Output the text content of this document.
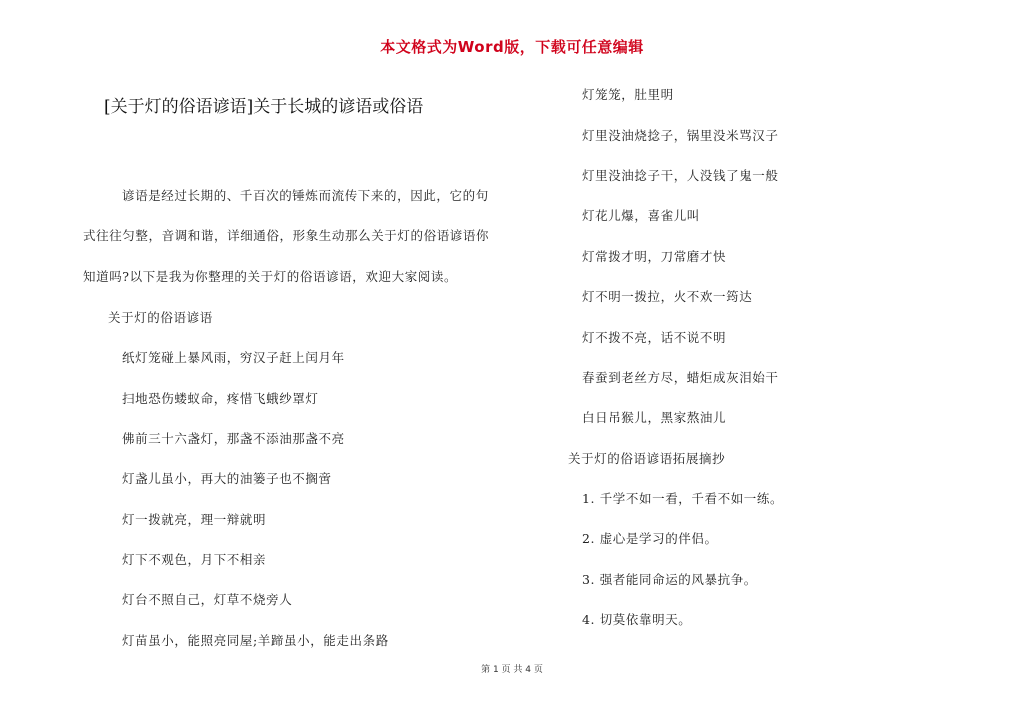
本文格式为Word版，下载可任意编辑
[关于灯的俗语谚语]关于长城的谚语或俗语
谚语是经过长期的、千百次的锤炼而流传下来的，因此，它的句
式往往匀整，音调和谐，详细通俗，形象生动那么关于灯的俗语谚语你
知道吗?以下是我为你整理的关于灯的俗语谚语，欢迎大家阅读。
关于灯的俗语谚语
纸灯笼碰上暴风雨，穷汉子赶上闰月年
扫地恐伤蝼蚁命，疼惜飞蛾纱罩灯
佛前三十六盏灯，那盏不添油那盏不亮
灯盏儿虽小，再大的油篓子也不搁啻
灯一拨就亮，理一辩就明
灯下不观色，月下不相亲
灯台不照自己，灯草不烧旁人
灯苗虽小，能照亮同屋;羊蹄虽小，能走出条路
灯笼笼，肚里明
灯里没油烧捻子，锅里没米骂汉子
灯里没油捻子干，人没钱了鬼一般
灯花儿爆，喜雀儿叫
灯常拨才明，刀常磨才快
灯不明一拨拉，火不欢一筠达
灯不拨不亮，话不说不明
春蚕到老丝方尽，蜡炬成灰泪始干
白日吊猴儿，黑家熬油儿
关于灯的俗语谚语拓展摘抄
1. 千学不如一看，千看不如一练。
2. 虚心是学习的伴侣。
3. 强者能同命运的风暴抗争。
4. 切莫依靠明天。
第 1 页 共 4 页
